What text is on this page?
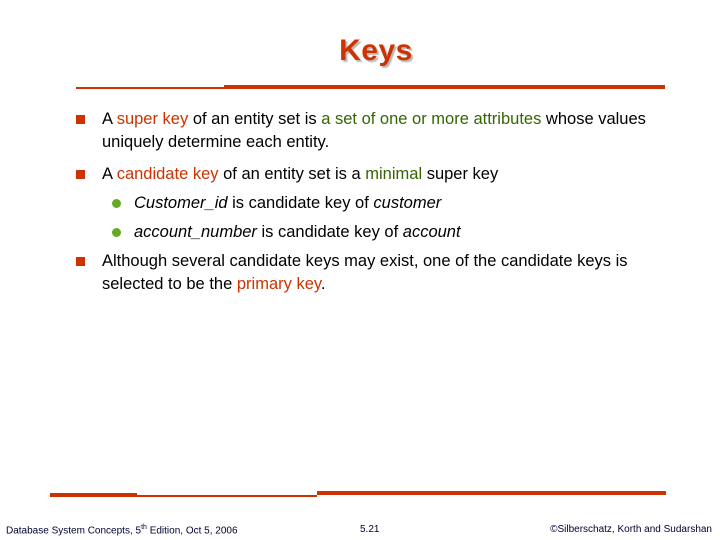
Keys
A super key of an entity set is a set of one or more attributes whose values uniquely determine each entity.
A candidate key of an entity set is a minimal super key
Customer_id is candidate key of customer
account_number is candidate key of account
Although several candidate keys may exist, one of the candidate keys is selected to be the primary key.
Database System Concepts, 5th Edition, Oct 5, 2006	5.21	©Silberschatz, Korth and Sudarshan
